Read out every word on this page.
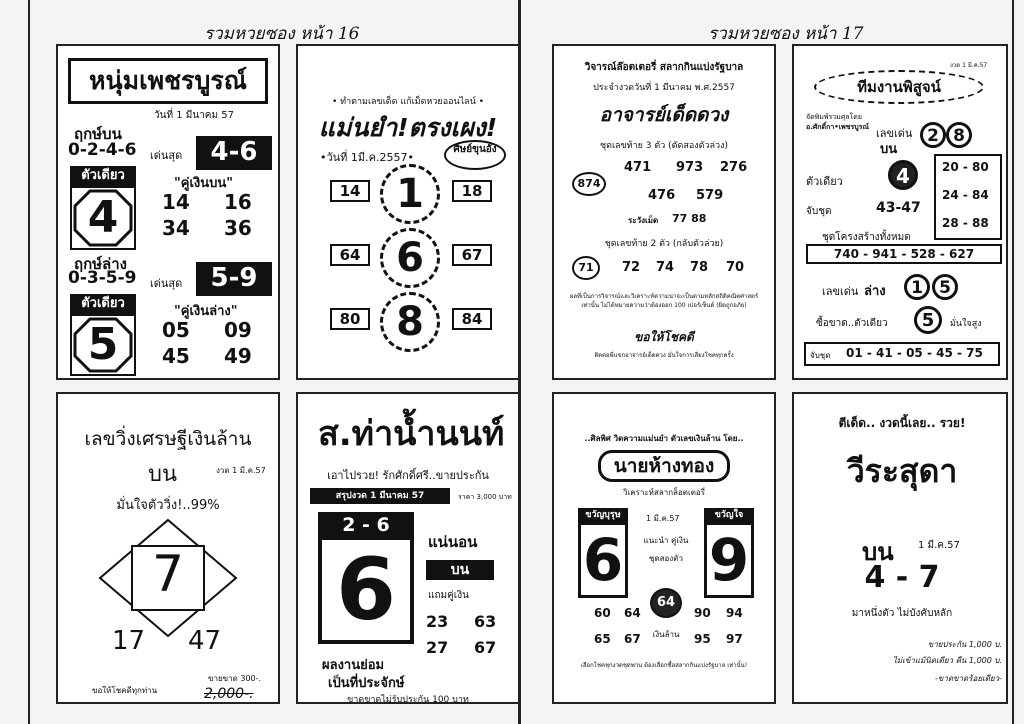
รวมหวยซอง หน้า 16	รวมหวยซอง หน้า 17
หนุ่มเพชรบูรณ์
วันที่ 1 มีนาคม 57
ฤกษ์บน
0-2-4-6 เด่นสุด	4-6
ตัวเดียว
4
"คู่เงินบน"
14 16
34 36
ฤกษ์ล่าง
0-3-5-9 เด่นสุด	5-9
ตัวเดียว
5
"คู่เงินล่าง"
05 09
45 49
• ทำตามเลขเด็ด แก้เม็ดหวยออนไลน์ •
แม่นยำ!ตรงเผง!
•วันที่ 1มี.ค.2557•
ศิษย์ขุนอัง
14
64
80
18
67
84
1
6
8
วิจารณ์ล๊อตเตอรี่ สลากกินแบ่งรัฐบาล
ประจำงวดวันที่ 1 มีนาคม พ.ศ.2557
อาจารย์เด็ดดวง
ชุดเลขท้าย 3 ตัว (ตัดสองตัวล่วง)
874
471 973 276
476 579
ระวังเม็ด 77 88
ชุดเลขท้าย 2 ตัว (กลับตัวล่วย)
71	72 74 78 70
ผลที่เป็นการวิจารณ์และวิเคราะห์ความน่าจะเป็นตามหลักสถิติคณิตศาสตร์เท่านั้น ไม่ได้หมายความว่าต้องออก 100 เปอร์เซ็นต์ (ผิดถูกอภัย)
ขอให้โชคดี
ติดต่อพี่แขกอาจารย์เด็ดดวง มั่นใจการเสี่ยงโชคทุกครั้ง
งวด 1 มี.ค.57
ทีมงานพิสูจน์
จัดพิมพ์รวมศุลโดย
อ.ศักดิ์กา•เพชรบูรณ์ เลขเด่น
บน
2 8
ตัวเดียว	4
จับชุด	43-47
20 - 80
24 - 84
28 - 88
ชุดโครงสร้างทั้งหมด
740 - 941 - 528 - 627
เลขเด่น ล่าง	1 5
ซื้อขาด..ตัวเดียว	5	มั่นใจสูง
จับชุด 01 - 41 - 05 - 45 - 75
เลขวิ่งเศรษฐีเงินล้าน
บน	งวด 1 มี.ค.57
มั่นใจตัววิ่ง!..99%
7
17 47
ขอให้โชคดีทุกท่าน
ขายขาด 300-.
2,000-.
ส.ท่าน้ำนนท์
เอาไปรวย! รักศักดิ์ศรี..ขายประกัน
สรุปงวด 1 มีนาคม 57	ราคา 3,000 บาท
2 - 6
6	แน่นอน
บน
แถมคู่เงิน
23 63
27 67
ผลงานย่อม
เป็นที่ประจักษ์
ขาดขาดไม่รับประกัน 100 บาท
..ศิลพิศ วิดความแม่นยำ ตัวเลขเงินล้าน โดย..
นายห้างทอง
วิเคราะห์สลากล็อตเตอรี่
ขวัญบุรุษ	ขวัญใจ
1 มี.ค.57
6 9
แนะนำ คู่เงิน
ชุดสองตัว
64
60 64	90 94
65 67	95 97
เงินล้าน
เลือกโชคทุกงวดชุดพาน ต้องเลือกซื้อสลากกินแบ่งรัฐบาล เท่านั้น!
ตีเด็ด.. งวดนี้เลย.. รวย!
วีระสุดา
บน 1 มี.ค.57
4 - 7
มาหนึ่งตัว ไม่บังคับหลัก
ขายประกัน 1,000 บ.
ไม่เข้าแม้นิดเดียว คืน 1,000 บ.
-ขาดขาดร้อยเดียว-
